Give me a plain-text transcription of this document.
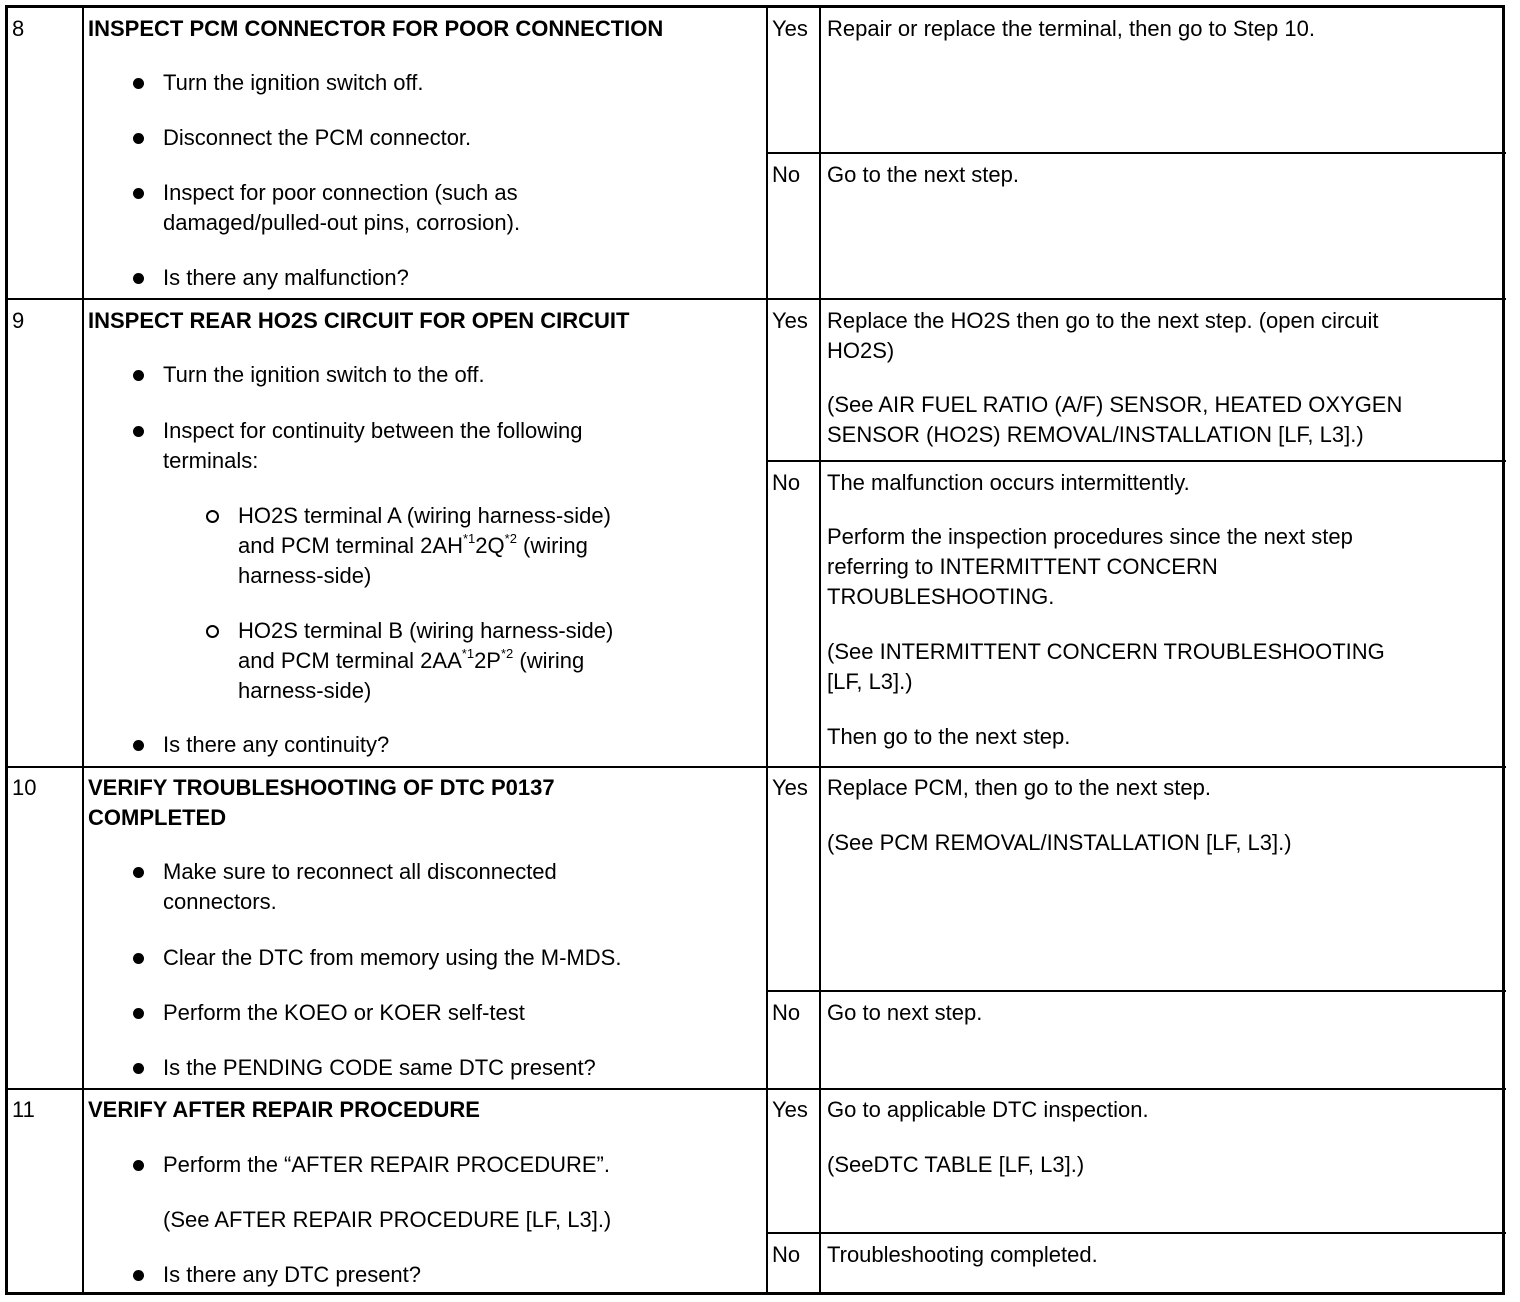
8	INSPECT PCM CONNECTOR FOR POOR CONNECTION
Turn the ignition switch off.
Disconnect the PCM connector.
Inspect for poor connection (such as
damaged/pulled-out pins, corrosion).
Is there any malfunction?
Yes Repair or replace the terminal, then go to Step 10.
No Go to the next step.
9	INSPECT REAR HO2S CIRCUIT FOR OPEN CIRCUIT
Turn the ignition switch to the off.
Inspect for continuity between the following
terminals:
HO2S terminal A (wiring harness-side)
and PCM terminal $2AH^{*1}2Q^{*2}$ (wiring
harness-side)
HO2S terminal B (wiring harness-side)
and PCM terminal $2AA^{*1}2P^{*2}$ (wiring
harness-side)
Is there any continuity?
Yes Replace the HO2S then go to the next step. (open circuit
HO2S)
(See AIR FUEL RATIO (A/F) SENSOR, HEATED OXYGEN
SENSOR (HO2S) REMOVAL/INSTALLATION [LF, L3].)
No The malfunction occurs intermittently.
Perform the inspection procedures since the next step
referring to INTERMITTENT CONCERN
TROUBLESHOOTING.
(See INTERMITTENT CONCERN TROUBLESHOOTING
[LF, L3].)
Then go to the next step.
10 VERIFY TROUBLESHOOTING OF DTC P0137
COMPLETED
Make sure to reconnect all disconnected
connectors.
Clear the DTC from memory using the M-MDS.
Perform the KOEO or KOER self-test
Is the PENDING CODE same DTC present?
Yes Replace PCM, then go to the next step.
(See PCM REMOVAL/INSTALLATION [LF, L3].)
No Go to next step.
11 VERIFY AFTER REPAIR PROCEDURE
Perform the “AFTER REPAIR PROCEDURE”.
(See AFTER REPAIR PROCEDURE [LF, L3].)
Is there any DTC present?
Yes Go to applicable DTC inspection.
(SeeDTC TABLE [LF, L3].)
No Troubleshooting completed.
